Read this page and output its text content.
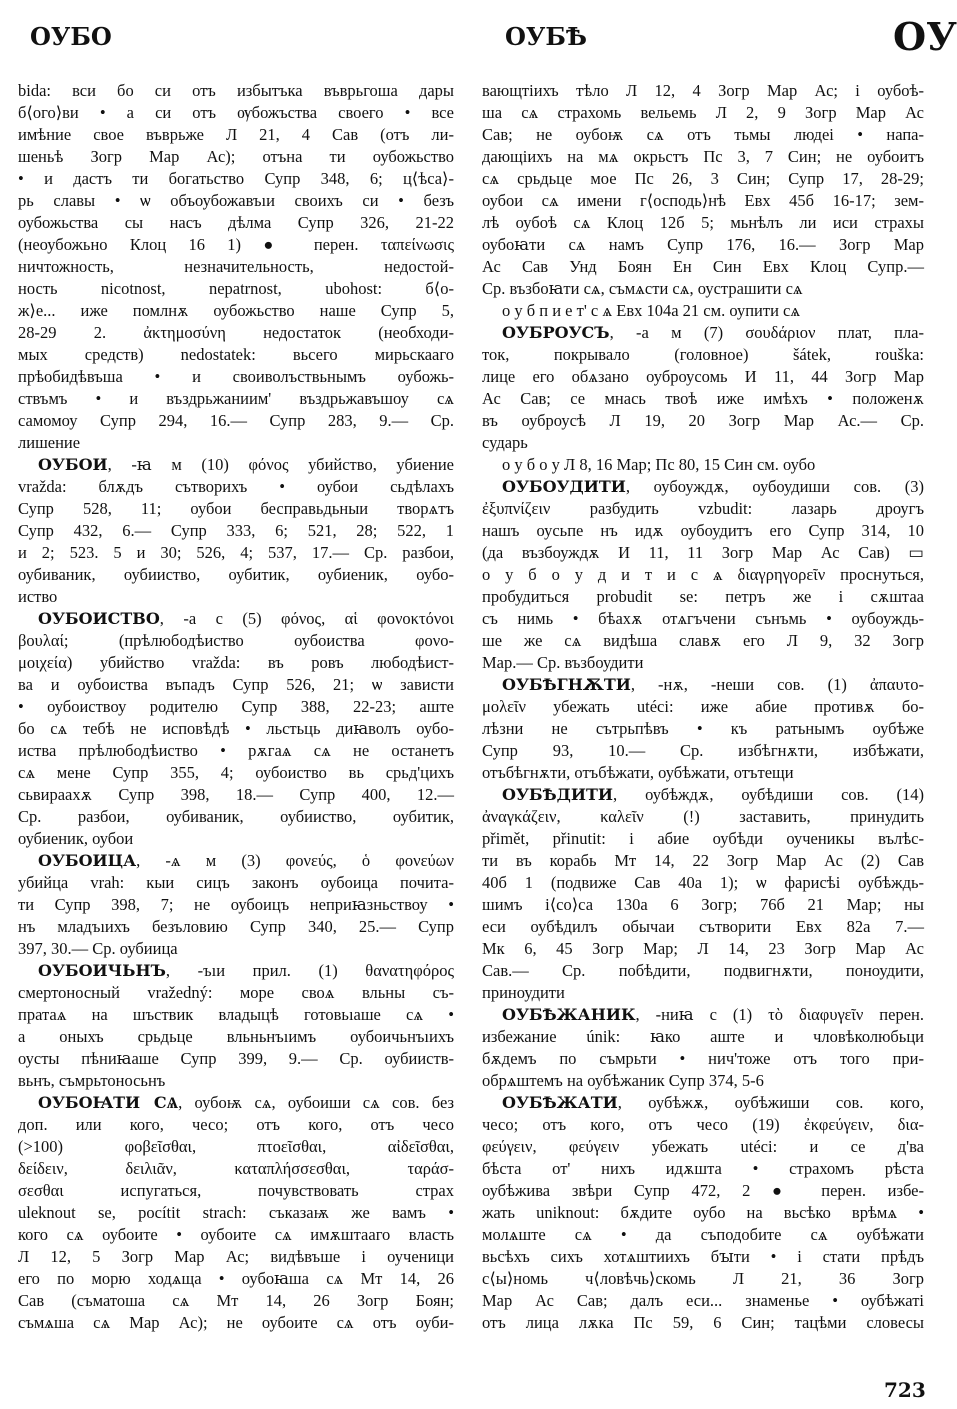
ОУБО	ОУБѢ	ОУ
bida: вси бо си отъ избытъка въврьгоша дары
б⟨ого⟩ви • а си отъ ѹбожъства своего • все
имѣние свое въврьже Л 21, 4 Сав (отъ ли-
шеньѣ Зогр Мар Ас); отъна ти оубожьство
• и дастъ ти богатьство Супр 348, 6; ц⟨ѣса⟩-
рь славы • ѡ объоубожавъıи своихъ си • безъ
оубожьства сы насъ дѣлма Супр 326, 21-22
(неоубожьно Клоц 16 1) ● перен. ταπείνωσις
ничтожность, незначительность, недостой-
ность nicotnost, nepatrnost, ubohost: б⟨о-
ж⟩е... иже помлнѫ оубожьство наше Супр 5,
28-29 2. ἀκτημοσύνη недостаток (необходи-
мых средств) nedostatek: вьсего мирьскааго
прѣобидѣвъша • и своиволъствьнымъ оубожь-
ствъмъ • и въздрьжаниим' въздрьжавъшоу сѧ
самомоу Супр 294, 16.— Супр 283, 9.— Ср.
лишение
ОУБОИ, -ꙗ м (10) φόνος убийство, убиение
vražda: блѫдъ сътворихъ • оубои сьдѣлахъ
Супр 528, 11; оубои беспрaвьдьныи творѧтъ
Супр 432, 6.— Супр 333, 6; 521, 28; 522, 1
и 2; 523. 5 и 30; 526, 4; 537, 17.— Ср. разбои,
оубиваник, оубииство, оубитик, оубиеник, оубо-
иство
ОУБОИСТВО, -а с (5) φόνος, αἱ φονοκτόνοι
βουλαί; (прѣлюбодѣиство оубоиства φονο-
μοιχεία) убийство vražda: въ ровъ любодѣист-
ва и оубоиства въпадъ Супр 526, 21; ѡ зависти
• оубоиствоу родителю Супр 388, 22-23; аште
бо сѧ тебѣ не исповѣдѣ • льстьць диꙗволъ оубо-
иства прѣлюбодѣиство • рѫгаѧ сѧ не останетъ
сѧ мене Супр 355, 4; оубоиство вь срьд'цихъ
сьвираахѫ Супр 398, 18.— Супр 400, 12.—
Ср. разбои, оубиваник, оубииство, оубитик,
оубиеник, оубои
ОУБОИЦА, -ѧ м (3) φονεύς, ὁ φονεύων
убийца vrah: кыи сицъ законъ оубоица почита-
ти Супр 398, 7; не оубоицъ неприꙗзньствоу •
нъ младъıихъ безъловию Супр 340, 25.— Супр
397, 30.— Ср. оубиица
ОУБОИЧЬНЪ, -ъıи прил. (1) θανατηφόρος
смертоносный vražedný: море своѧ вльны съ-
пратаѧ на шъствик владыцѣ готовьıаше сѧ •
а оныхъ срьдьце вльньнъıимъ оубоичьнъıихъ
оусты пѣниꙗаше Супр 399, 9.— Ср. оубииств-
вьнъ, съмрьтоносьнъ
ОУБОꙖТИ СѦ, оубоѭ сѧ, оубоиши сѧ сов. без
доп. или кого, чесо; отъ кого, отъ чесо
(>100) φοβεῖσθαι, πτοεῖσθαι, αἰδεῖσθαι,
δείδειν, δειλιᾶν, καταπλήσσεσθαι, ταράσ-
σεσθαι испугаться, почувствовать страх
uleknout se, pocítit strach: съказаѭ же вамъ •
кого сѧ оубоите • оубоите сѧ имѫштааго власть
Л 12, 5 Зогр Мар Ас; видѣвъше і оученици
его по морю ходѧща • оубоꙗша сѧ Мт 14, 26
Сав (съматоша сѧ Мт 14, 26 Зогр Боян;
съмѧша сѧ Мар Ас); не оубоите сѧ отъ оуби-
вающтіихъ тѣло Л 12, 4 Зогр Мар Ас; і оубоѣ-
ша сѧ страхомь вельемь Л 2, 9 Зогр Мар Ас
Сав; не оубоѭ сѧ отъ тьмы людеі • напа-
дающіихъ на мѧ окрьстъ Пс 3, 7 Син; не оубоитъ
сѧ срьдьце мое Пс 26, 3 Син; Супр 17, 28-29;
оубои сѧ имени г⟨осподь⟩нѣ Евх 45б 16-17; зем-
лѣ оубоѣ сѧ Клоц 12б 5; мьнѣлъ ли иси страхы
оубоꙗти сѧ намъ Супр 176, 16.— Зогр Мар
Ас Сав Унд Боян Ен Син Евх Клоц Супр.—
Ср. възбоꙗти сѧ, съмѧсти сѧ, оустрашити сѧ
о у б п и е т' с ѧ Евх 104а 21 см. оупити сѧ
ОУБРОУСЪ, -а м (7) σουδάριον плат, пла-
ток, покрывало (головное) šátek, rouška:
лице его обѧзано оуброусомь И 11, 44 Зогр Мар
Ас Сав; се мнась твоѣ иже имѣхъ • положенѫ
въ оуброусѣ Л 19, 20 Зогр Мар Ас.— Ср.
сударь
о у б о у Л 8, 16 Мар; Пс 80, 15 Син см. оубо
ОУБОУДИТИ, оубоуждѫ, оубоудиши сов. (3)
ἐξυπνίζειν разбудить vzbudit: лазарь дроугъ
нашъ оусьпе нъ идѫ оубоудитъ его Супр 314, 10
(да възбоуждѫ И 11, 11 Зогр Мар Ас Сав) ▭
о у б о у д и т и с ѧ διαγρηγορεῖν проснуться,
пробудиться probudit se: петръ же і сѫштаа
съ нимь • бѣахѫ отѧгъчени сънъмь • оубоуждь-
ше же сѧ видѣша славѫ его Л 9, 32 Зогр
Мар.— Ср. възбоудити
ОУБѢГНѪТИ, -нѫ, -неши сов. (1) ἀπαυτο-
μολεῖν убежать utéci: иже абие противѫ бо-
лѣзни не сътрьпѣвъ • къ ратьнымъ оубѣже
Супр 93, 10.— Ср. избѣгнѫти, избѣжати,
отъбѣгнѫти, отъбѣжати, оубѣжати, отътещи
ОУБѢДИТИ, оубѣждѫ, оубѣдиши сов. (14)
ἀναγκάζειν, καλεῖν (!) заставить, принудить
přimět, přinutit: і абие оубѣди оученикы вълѣс-
ти въ корабь Мт 14, 22 Зогр Мар Ас (2) Сав
40б 1 (подвиже Сав 40а 1); ѡ фарисѣі оубѣждь-
шимъ і⟨со⟩са 130а 6 Зогр; 76б 21 Мар; ны
еси оубѣдилъ обычаи сътворити Евх 82а 7.—
Мк 6, 45 Зогр Мар; Л 14, 23 Зогр Мар Ас
Сав.— Ср. побѣдити, подвигнѫти, поноудити,
приноудити
ОУБѢЖАНИК, -ниꙗ с (1) τὸ διαφυγεῖν перен.
избежание únik: ꙗко аште и чловѣколюбьци
бѫдемъ по съмрьти • нич'тоже отъ того при-
обрѧштемъ на оубѣжаник Супр 374, 5-6
ОУБѢЖАТИ, оубѣжѫ, оубѣжиши сов. кого,
чесо; отъ кого, отъ чесо (19) ἐκφεύγειν, δια-
φεύγειν, φεύγειν убежать utéci: и се д'ва
бѣста от' нихъ идѫшта • страхомъ рѣста
оубѣжива звѣри Супр 472, 2 ● перен. избе-
жать uniknout: бѫдите оубо на вьсѣко врѣмѧ •
молѧште сѧ • да съподобите сѧ оубѣжати
вьсѣхъ сихъ хотѧштиихъ бꙑти • і стати прѣдъ
с⟨ы⟩номь ч⟨ловѣчь⟩скомь Л 21, 36 Зогр
Мар Ас Сав; далъ еси... знаменье • оубѣжаті
отъ лица лѫка Пс 59, 6 Син; тацѣми словесы
723
